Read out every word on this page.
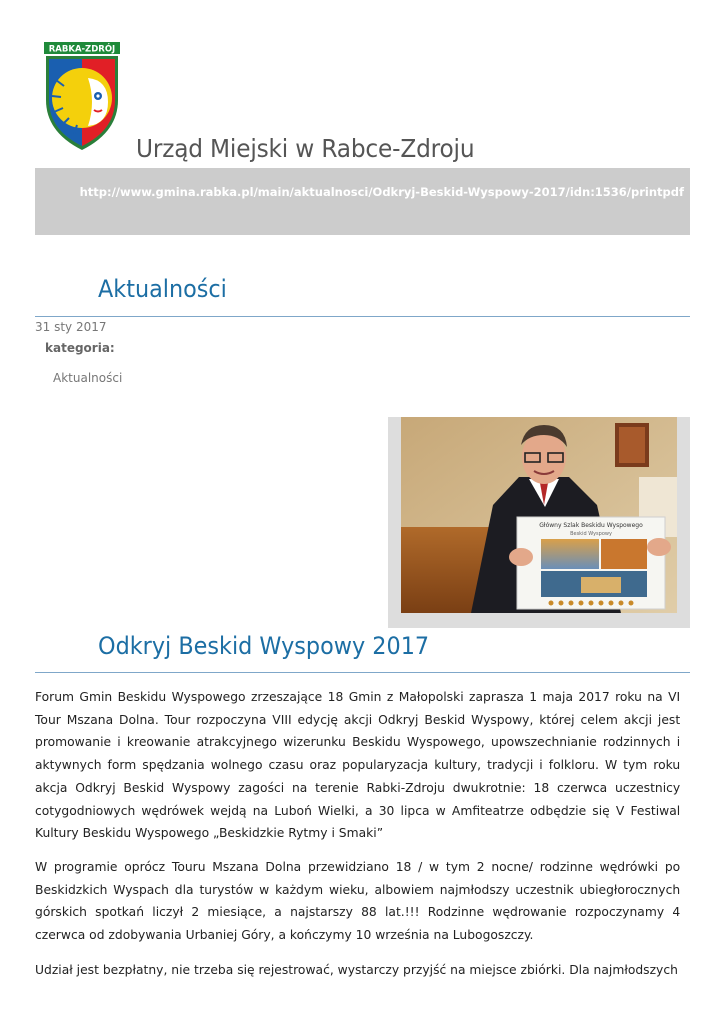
RABKA-ZDRÓJ
Urząd Miejski w Rabce-Zdroju

http://www.gmina.rabka.pl/main/aktualnosci/Odkryj-Beskid-Wyspowy-2017/idn:1536/printpdf

Aktualności
31 sty 2017
kategoria:
Aktualności
Główny Szlak Beskidu Wyspowego
Beskid Wyspowy
Odkryj Beskid Wyspowy 2017

Forum Gmin Beskidu Wyspowego zrzeszające 18 Gmin z Małopolski zaprasza 1 maja 2017 roku na VI Tour Mszana Dolna. Tour rozpoczyna VIII edycję akcji Odkryj Beskid Wyspowy, której celem akcji jest promowanie i kreowanie atrakcyjnego wizerunku Beskidu Wyspowego, upowszechnianie rodzinnych i aktywnych form spędzania wolnego czasu oraz popularyzacja kultury, tradycji i folkloru. W tym roku akcja Odkryj Beskid Wyspowy zagości na terenie Rabki-Zdroju dwukrotnie: 18 czerwca uczestnicy cotygodniowych wędrówek wejdą na Luboń Wielki, a 30 lipca w Amfiteatrze odbędzie się V Festiwal Kultury Beskidu Wyspowego „Beskidzkie Rytmy i Smaki”

W programie oprócz Touru Mszana Dolna przewidziano 18 / w tym 2 nocne/ rodzinne wędrówki po Beskidzkich Wyspach dla turystów w każdym wieku, albowiem najmłodszy uczestnik ubiegłorocznych górskich spotkań liczył 2 miesiące, a najstarszy 88 lat.!!! Rodzinne wędrowanie rozpoczynamy 4 czerwca od zdobywania Urbaniej Góry, a kończymy 10 września na Lubogoszczy.

Udział jest bezpłatny, nie trzeba się rejestrować, wystarczy przyjść na miejsce zbiórki. Dla najmłodszych
